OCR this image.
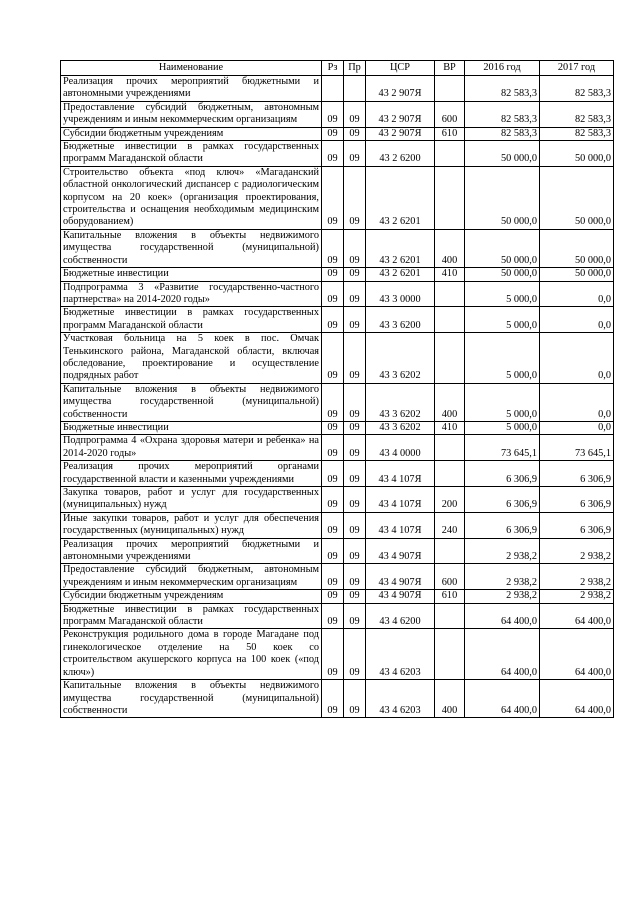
Наименование	Рз	Пр	ЦСР	ВР	2016 год	2017 год
Реализация прочих мероприятий бюджетными и автономными учреждениями			43 2 907Я		82 583,3	82 583,3
Предоставление субсидий бюджетным, автономным учреждениям и иным некоммерческим организациям	09	09	43 2 907Я	600	82 583,3	82 583,3
Субсидии бюджетным учреждениям	09	09	43 2 907Я	610	82 583,3	82 583,3
Бюджетные инвестиции в рамках государственных программ Магаданской области	09	09	43 2 6200		50 000,0	50 000,0
Строительство объекта «под ключ» «Магаданский областной онкологический диспансер с радиологическим корпусом на 20 коек» (организация проектирования, строительства и оснащения необходимым медицинским оборудованием)	09	09	43 2 6201		50 000,0	50 000,0
Капитальные вложения в объекты недвижимого имущества государственной (муниципальной) собственности	09	09	43 2 6201	400	50 000,0	50 000,0
Бюджетные инвестиции	09	09	43 2 6201	410	50 000,0	50 000,0
Подпрограмма 3 «Развитие государственно-частного партнерства» на 2014-2020 годы»	09	09	43 3 0000		5 000,0	0,0
Бюджетные инвестиции в рамках государственных программ Магаданской области	09	09	43 3 6200		5 000,0	0,0
Участковая больница на 5 коек в пос. Омчак Тенькинского района, Магаданской области, включая обследование, проектирование и осуществление подрядных работ	09	09	43 3 6202		5 000,0	0,0
Капитальные вложения в объекты недвижимого имущества государственной (муниципальной) собственности	09	09	43 3 6202	400	5 000,0	0,0
Бюджетные инвестиции	09	09	43 3 6202	410	5 000,0	0,0
Подпрограмма 4 «Охрана здоровья матери и ребенка» на 2014-2020 годы»	09	09	43 4 0000		73 645,1	73 645,1
Реализация прочих мероприятий органами государственной власти и казенными учреждениями	09	09	43 4 107Я		6 306,9	6 306,9
Закупка товаров, работ и услуг для государственных (муниципальных) нужд	09	09	43 4 107Я	200	6 306,9	6 306,9
Иные закупки товаров, работ и услуг для обеспечения государственных (муниципальных) нужд	09	09	43 4 107Я	240	6 306,9	6 306,9
Реализация прочих мероприятий бюджетными и автономными учреждениями	09	09	43 4 907Я		2 938,2	2 938,2
Предоставление субсидий бюджетным, автономным учреждениям и иным некоммерческим организациям	09	09	43 4 907Я	600	2 938,2	2 938,2
Субсидии бюджетным учреждениям	09	09	43 4 907Я	610	2 938,2	2 938,2
Бюджетные инвестиции в рамках государственных программ Магаданской области	09	09	43 4 6200		64 400,0	64 400,0
Реконструкция родильного дома в городе Магадане под гинекологическое отделение на 50 коек со строительством акушерского корпуса на 100 коек («под ключ»)	09	09	43 4 6203		64 400,0	64 400,0
Капитальные вложения в объекты недвижимого имущества государственной (муниципальной) собственности	09	09	43 4 6203	400	64 400,0	64 400,0
